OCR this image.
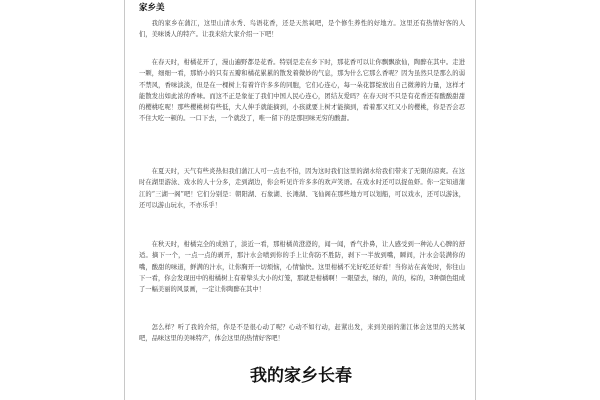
家乡美

我的家乡在蒲江，这里山清水秀、鸟语花香，还是天然氧吧，是个修生养性的好地方。这里还有热情好客的人们，美味诱人的特产。让我来给大家介绍一下吧！

在春天时，柑橘花开了，漫山遍野都是花香。特别是走在乡下时，那花香可以让你飘飘欲仙，陶醉在其中。走进一颗，细细一看，那娇小的只有五瓣和橘花累累的散发着微妙的气息，那为什么它那么香呢？因为虽然只是那么的弱不禁风，香味淡淡，但是在一棵树上有着许许多多的同胞，它们心连心，每一朵花都绽放出自己微薄的力量，这样才能散发出如此浓的香味。而这不正是象征了我们中国人民心连心，团结友爱吗？在春天时不只是有花香还有酸酸甜甜的樱桃吃呢！那些樱桃树有些低，大人伸手就能摘到，小孩就要上树才能摘到，看着那又红又小的樱桃，你是否会忍不住大吃一顿的。一口下去，一个就没了，唯一留下的是那回味无穷的酸甜。

在夏天时，天气有些炎热但我们蒲江人可一点也不怕，因为这时我们这里的湖水给我们带来了无限的凉爽。在这时在湖里游泳、戏水的人十分多，走到湖边，你会听见许许多多的欢声笑语。在戏水时还可以捉鱼虾。你一定知道蒲江的“三湖一阁”吧！它们分别是：朝阳湖、石象湖、长滩湖、飞仙阁在那些地方可以划船，可以戏水，还可以游泳，还可以游山玩水，不亦乐乎！

在秋天时，柑橘完全的成熟了，淡近一看，那柑橘黄澄澄的，闻一闻，香气扑鼻，让人感受到一种沁人心脾的舒适。摘下一个，一点一点的剥开，那汁水会喷到你的手上让你防不胜防，剥下一半放到嘴，瞬间，汁水会装满你的嘴，酸甜的味道，鲜满的汁水，让你胸开一切烦恼，心情愉快。这里柑橘不光好吃还好看！当你站在高处时，你往山下一看，你会发现田中的柑橘树上有着挚头大小的灯笼，那就是柑橘啊！一眼望去，绿的，黄的，棕的，3种颜色组成了一幅美丽的风景画，一定让你陶醉在其中！

怎么样？听了我的介绍，你是不是很心动了呢？心动不如行动，赶紧出发，来到美丽的蒲江体会这里的天然氧吧，品味这里的美味特产，体会这里的热情好客吧！

我的家乡长春
